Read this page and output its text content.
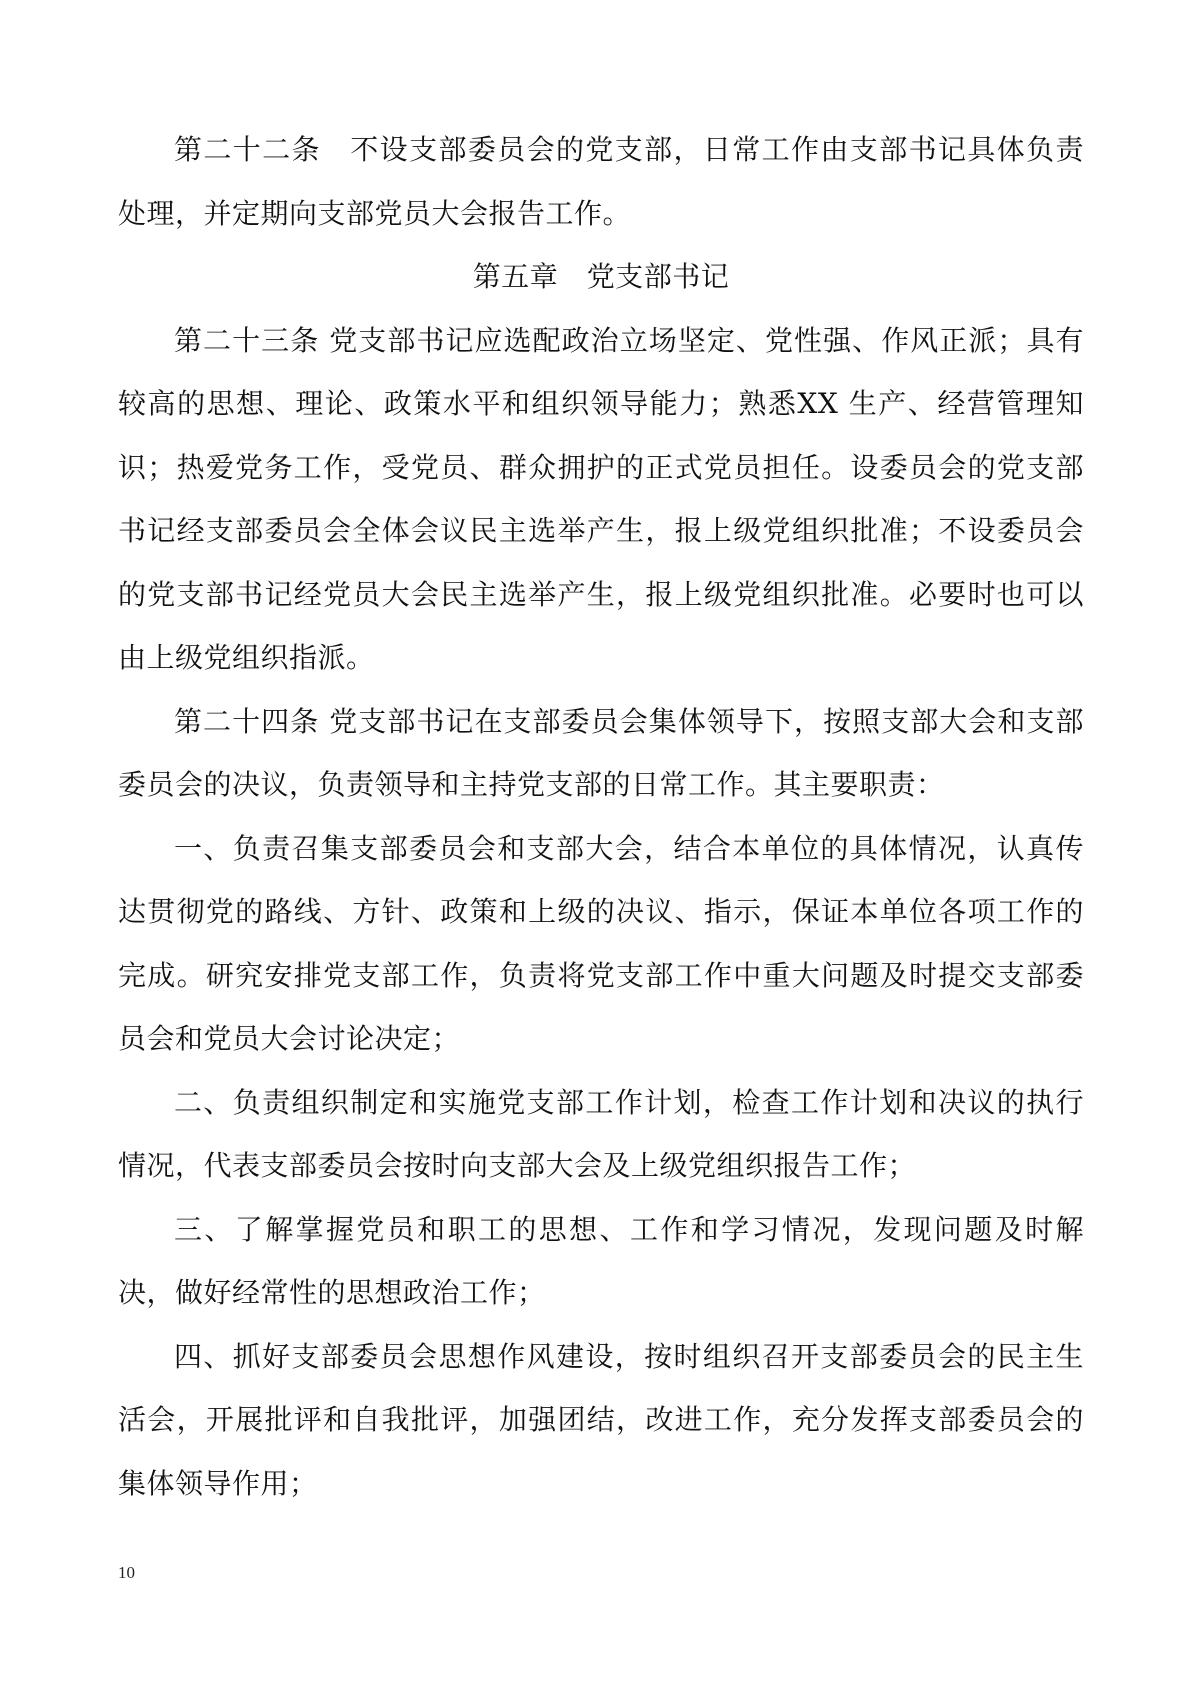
第二十二条　不设支部委员会的党支部，日常工作由支部书记具体负责处理，并定期向支部党员大会报告工作。

第五章　党支部书记

第二十三条 党支部书记应选配政治立场坚定、党性强、作风正派；具有较高的思想、理论、政策水平和组织领导能力；熟悉XX 生产、经营管理知识；热爱党务工作，受党员、群众拥护的正式党员担任。设委员会的党支部书记经支部委员会全体会议民主选举产生，报上级党组织批准；不设委员会的党支部书记经党员大会民主选举产生，报上级党组织批准。必要时也可以由上级党组织指派。

第二十四条 党支部书记在支部委员会集体领导下，按照支部大会和支部委员会的决议，负责领导和主持党支部的日常工作。其主要职责：

一、负责召集支部委员会和支部大会，结合本单位的具体情况，认真传达贯彻党的路线、方针、政策和上级的决议、指示，保证本单位各项工作的完成。研究安排党支部工作，负责将党支部工作中重大问题及时提交支部委员会和党员大会讨论决定；

二、负责组织制定和实施党支部工作计划，检查工作计划和决议的执行情况，代表支部委员会按时向支部大会及上级党组织报告工作；

三、了解掌握党员和职工的思想、工作和学习情况，发现问题及时解决，做好经常性的思想政治工作；

四、抓好支部委员会思想作风建设，按时组织召开支部委员会的民主生活会，开展批评和自我批评，加强团结，改进工作，充分发挥支部委员会的集体领导作用；

10
